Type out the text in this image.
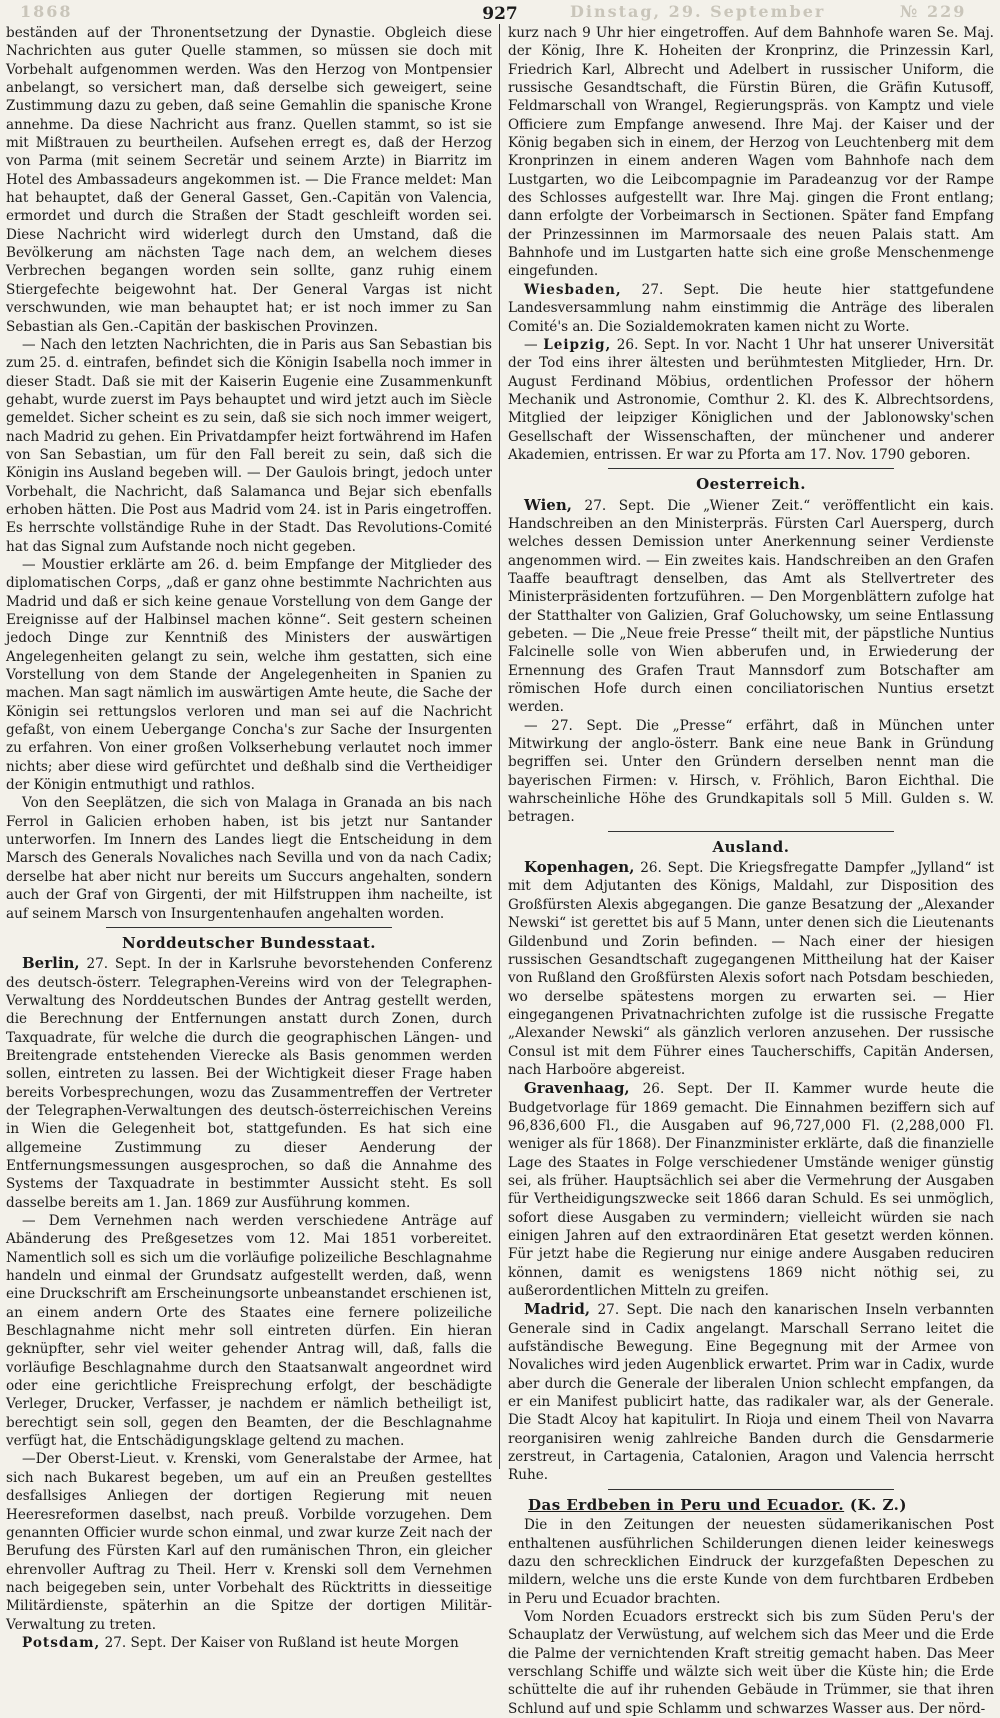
1868	Dinstag, 29. September	№ 229
927

beständen auf der Thronentsetzung der Dynastie. Obgleich diese Nachrichten aus guter Quelle stammen, so müssen sie doch mit Vorbehalt aufgenommen werden. Was den Herzog von Montpensier anbelangt, so versichert man, daß derselbe sich geweigert, seine Zustimmung dazu zu geben, daß seine Gemahlin die spanische Krone annehme. Da diese Nachricht aus franz. Quellen stammt, so ist sie mit Mißtrauen zu beurtheilen. Aufsehen erregt es, daß der Herzog von Parma (mit seinem Secretär und seinem Arzte) in Biarritz im Hotel des Ambassadeurs angekommen ist. — Die France meldet: Man hat behauptet, daß der General Gasset, Gen.-Capitän von Valencia, ermordet und durch die Straßen der Stadt geschleift worden sei. Diese Nachricht wird widerlegt durch den Umstand, daß die Bevölkerung am nächsten Tage nach dem, an welchem dieses Verbrechen begangen worden sein sollte, ganz ruhig einem Stiergefechte beigewohnt hat. Der General Vargas ist nicht verschwunden, wie man behauptet hat; er ist noch immer zu San Sebastian als Gen.-Capitän der baskischen Provinzen.

— Nach den letzten Nachrichten, die in Paris aus San Sebastian bis zum 25. d. eintrafen, befindet sich die Königin Isabella noch immer in dieser Stadt. Daß sie mit der Kaiserin Eugenie eine Zusammenkunft gehabt, wurde zuerst im Pays behauptet und wird jetzt auch im Siècle gemeldet. Sicher scheint es zu sein, daß sie sich noch immer weigert, nach Madrid zu gehen. Ein Privatdampfer heizt fortwährend im Hafen von San Sebastian, um für den Fall bereit zu sein, daß sich die Königin ins Ausland begeben will. — Der Gaulois bringt, jedoch unter Vorbehalt, die Nachricht, daß Salamanca und Bejar sich ebenfalls erhoben hätten. Die Post aus Madrid vom 24. ist in Paris eingetroffen. Es herrschte vollständige Ruhe in der Stadt. Das Revolutions-Comité hat das Signal zum Aufstande noch nicht gegeben.

— Moustier erklärte am 26. d. beim Empfange der Mitglieder des diplomatischen Corps, „daß er ganz ohne bestimmte Nachrichten aus Madrid und daß er sich keine genaue Vorstellung von dem Gange der Ereignisse auf der Halbinsel machen könne“. Seit gestern scheinen jedoch Dinge zur Kenntniß des Ministers der auswärtigen Angelegenheiten gelangt zu sein, welche ihm gestatten, sich eine Vorstellung von dem Stande der Angelegenheiten in Spanien zu machen. Man sagt nämlich im auswärtigen Amte heute, die Sache der Königin sei rettungslos verloren und man sei auf die Nachricht gefaßt, von einem Uebergange Concha's zur Sache der Insurgenten zu erfahren. Von einer großen Volkserhebung verlautet noch immer nichts; aber diese wird gefürchtet und deßhalb sind die Vertheidiger der Königin entmuthigt und rathlos.

Von den Seeplätzen, die sich von Malaga in Granada an bis nach Ferrol in Galicien erhoben haben, ist bis jetzt nur Santander unterworfen. Im Innern des Landes liegt die Entscheidung in dem Marsch des Generals Novaliches nach Sevilla und von da nach Cadix; derselbe hat aber nicht nur bereits um Succurs angehalten, sondern auch der Graf von Girgenti, der mit Hilfstruppen ihm nacheilte, ist auf seinem Marsch von Insurgentenhaufen angehalten worden.

Norddeutscher Bundesstaat.

Berlin, 27. Sept. In der in Karlsruhe bevorstehenden Conferenz des deutsch-österr. Telegraphen-Vereins wird von der Telegraphen-Verwaltung des Norddeutschen Bundes der Antrag gestellt werden, die Berechnung der Entfernungen anstatt durch Zonen, durch Taxquadrate, für welche die durch die geographischen Längen- und Breitengrade entstehenden Vierecke als Basis genommen werden sollen, eintreten zu lassen. Bei der Wichtigkeit dieser Frage haben bereits Vorbesprechungen, wozu das Zusammentreffen der Vertreter der Telegraphen-Verwaltungen des deutsch-österreichischen Vereins in Wien die Gelegenheit bot, stattgefunden. Es hat sich eine allgemeine Zustimmung zu dieser Aenderung der Entfernungsmessungen ausgesprochen, so daß die Annahme des Systems der Taxquadrate in bestimmter Aussicht steht. Es soll dasselbe bereits am 1. Jan. 1869 zur Ausführung kommen.

— Dem Vernehmen nach werden verschiedene Anträge auf Abänderung des Preßgesetzes vom 12. Mai 1851 vorbereitet. Namentlich soll es sich um die vorläufige polizeiliche Beschlagnahme handeln und einmal der Grundsatz aufgestellt werden, daß, wenn eine Druckschrift am Erscheinungsorte unbeanstandet erschienen ist, an einem andern Orte des Staates eine fernere polizeiliche Beschlagnahme nicht mehr soll eintreten dürfen. Ein hieran geknüpfter, sehr viel weiter gehender Antrag will, daß, falls die vorläufige Beschlagnahme durch den Staatsanwalt angeordnet wird oder eine gerichtliche Freisprechung erfolgt, der beschädigte Verleger, Drucker, Verfasser, je nachdem er nämlich betheiligt ist, berechtigt sein soll, gegen den Beamten, der die Beschlagnahme verfügt hat, die Entschädigungsklage geltend zu machen.

—Der Oberst-Lieut. v. Krenski, vom Generalstabe der Armee, hat sich nach Bukarest begeben, um auf ein an Preußen gestelltes desfallsiges Anliegen der dortigen Regierung mit neuen Heeresreformen daselbst, nach preuß. Vorbilde vorzugehen. Dem genannten Officier wurde schon einmal, und zwar kurze Zeit nach der Berufung des Fürsten Karl auf den rumänischen Thron, ein gleicher ehrenvoller Auftrag zu Theil. Herr v. Krenski soll dem Vernehmen nach beigegeben sein, unter Vorbehalt des Rücktritts in diesseitige Militärdienste, späterhin an die Spitze der dortigen Militär-Verwaltung zu treten.

Potsdam, 27. Sept. Der Kaiser von Rußland ist heute Morgen

kurz nach 9 Uhr hier eingetroffen. Auf dem Bahnhofe waren Se. Maj. der König, Ihre K. Hoheiten der Kronprinz, die Prinzessin Karl, Friedrich Karl, Albrecht und Adelbert in russischer Uniform, die russische Gesandtschaft, die Fürstin Büren, die Gräfin Kutusoff, Feldmarschall von Wrangel, Regierungspräs. von Kamptz und viele Officiere zum Empfange anwesend. Ihre Maj. der Kaiser und der König begaben sich in einem, der Herzog von Leuchtenberg mit dem Kronprinzen in einem anderen Wagen vom Bahnhofe nach dem Lustgarten, wo die Leibcompagnie im Paradeanzug vor der Rampe des Schlosses aufgestellt war. Ihre Maj. gingen die Front entlang; dann erfolgte der Vorbeimarsch in Sectionen. Später fand Empfang der Prinzessinnen im Marmorsaale des neuen Palais statt. Am Bahnhofe und im Lustgarten hatte sich eine große Menschenmenge eingefunden.

Wiesbaden, 27. Sept. Die heute hier stattgefundene Landesversammlung nahm einstimmig die Anträge des liberalen Comité's an. Die Sozialdemokraten kamen nicht zu Worte.

— Leipzig, 26. Sept. In vor. Nacht 1 Uhr hat unserer Universität der Tod eins ihrer ältesten und berühmtesten Mitglieder, Hrn. Dr. August Ferdinand Möbius, ordentlichen Professor der höhern Mechanik und Astronomie, Comthur 2. Kl. des K. Albrechtsordens, Mitglied der leipziger Königlichen und der Jablonowsky'schen Gesellschaft der Wissenschaften, der münchener und anderer Akademien, entrissen. Er war zu Pforta am 17. Nov. 1790 geboren.

Oesterreich.

Wien, 27. Sept. Die „Wiener Zeit.“ veröffentlicht ein kais. Handschreiben an den Ministerpräs. Fürsten Carl Auersperg, durch welches dessen Demission unter Anerkennung seiner Verdienste angenommen wird. — Ein zweites kais. Handschreiben an den Grafen Taaffe beauftragt denselben, das Amt als Stellvertreter des Ministerpräsidenten fortzuführen. — Den Morgenblättern zufolge hat der Statthalter von Galizien, Graf Goluchowsky, um seine Entlassung gebeten. — Die „Neue freie Presse“ theilt mit, der päpstliche Nuntius Falcinelle solle von Wien abberufen und, in Erwiederung der Ernennung des Grafen Traut Mannsdorf zum Botschafter am römischen Hofe durch einen conciliatorischen Nuntius ersetzt werden.

— 27. Sept. Die „Presse“ erfährt, daß in München unter Mitwirkung der anglo-österr. Bank eine neue Bank in Gründung begriffen sei. Unter den Gründern derselben nennt man die bayerischen Firmen: v. Hirsch, v. Fröhlich, Baron Eichthal. Die wahrscheinliche Höhe des Grundkapitals soll 5 Mill. Gulden s. W. betragen.

Ausland.

Kopenhagen, 26. Sept. Die Kriegsfregatte Dampfer „Jylland“ ist mit dem Adjutanten des Königs, Maldahl, zur Disposition des Großfürsten Alexis abgegangen. Die ganze Besatzung der „Alexander Newski“ ist gerettet bis auf 5 Mann, unter denen sich die Lieutenants Gildenbund und Zorin befinden. — Nach einer der hiesigen russischen Gesandtschaft zugegangenen Mittheilung hat der Kaiser von Rußland den Großfürsten Alexis sofort nach Potsdam beschieden, wo derselbe spätestens morgen zu erwarten sei. — Hier eingegangenen Privatnachrichten zufolge ist die russische Fregatte „Alexander Newski“ als gänzlich verloren anzusehen. Der russische Consul ist mit dem Führer eines Taucherschiffs, Capitän Andersen, nach Harboöre abgereist.

Gravenhaag, 26. Sept. Der II. Kammer wurde heute die Budgetvorlage für 1869 gemacht. Die Einnahmen beziffern sich auf 96,836,600 Fl., die Ausgaben auf 96,727,000 Fl. (2,288,000 Fl. weniger als für 1868). Der Finanzminister erklärte, daß die finanzielle Lage des Staates in Folge verschiedener Umstände weniger günstig sei, als früher. Hauptsächlich sei aber die Vermehrung der Ausgaben für Vertheidigungszwecke seit 1866 daran Schuld. Es sei unmöglich, sofort diese Ausgaben zu vermindern; vielleicht würden sie nach einigen Jahren auf den extraordinären Etat gesetzt werden können. Für jetzt habe die Regierung nur einige andere Ausgaben reduciren können, damit es wenigstens 1869 nicht nöthig sei, zu außerordentlichen Mitteln zu greifen.

Madrid, 27. Sept. Die nach den kanarischen Inseln verbannten Generale sind in Cadix angelangt. Marschall Serrano leitet die aufständische Bewegung. Eine Begegnung mit der Armee von Novaliches wird jeden Augenblick erwartet. Prim war in Cadix, wurde aber durch die Generale der liberalen Union schlecht empfangen, da er ein Manifest publicirt hatte, das radikaler war, als der Generale. Die Stadt Alcoy hat kapitulirt. In Rioja und einem Theil von Navarra reorganisiren wenig zahlreiche Banden durch die Gensdarmerie zerstreut, in Cartagenia, Catalonien, Aragon und Valencia herrscht Ruhe.

Das Erdbeben in Peru und Ecuador. (K. Z.)

Die in den Zeitungen der neuesten südamerikanischen Post enthaltenen ausführlichen Schilderungen dienen leider keineswegs dazu den schrecklichen Eindruck der kurzgefaßten Depeschen zu mildern, welche uns die erste Kunde von dem furchtbaren Erdbeben in Peru und Ecuador brachten.

Vom Norden Ecuadors erstreckt sich bis zum Süden Peru's der Schauplatz der Verwüstung, auf welchem sich das Meer und die Erde die Palme der vernichtenden Kraft streitig gemacht haben. Das Meer verschlang Schiffe und wälzte sich weit über die Küste hin; die Erde schüttelte die auf ihr ruhenden Gebäude in Trümmer, sie that ihren Schlund auf und spie Schlamm und schwarzes Wasser aus. Der nörd-
